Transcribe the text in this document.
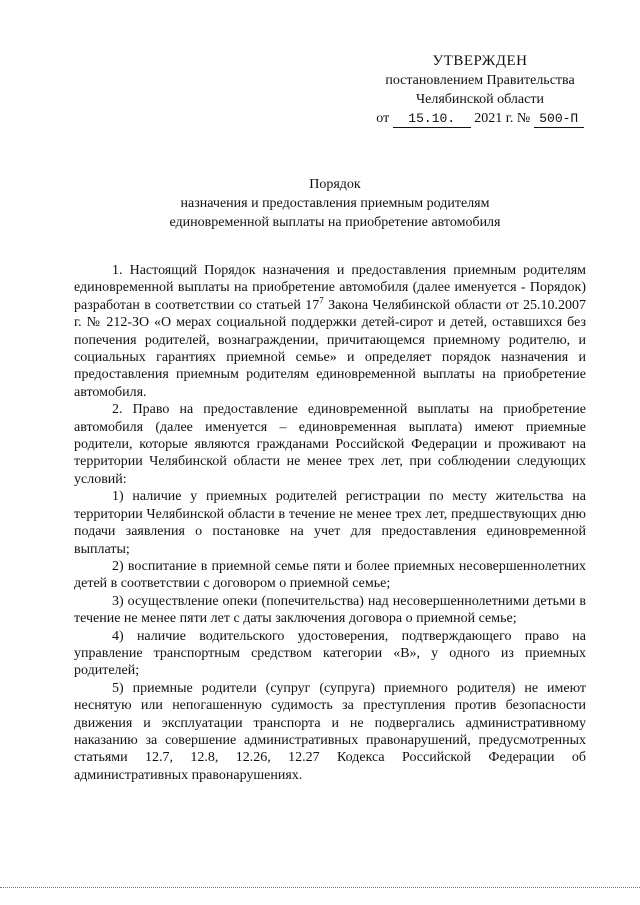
УТВЕРЖДЕН
постановлением Правительства
Челябинской области
от 15.10. 2021 г. № 500-П

Порядок

назначения и предоставления приемным родителям

единовременной выплаты на приобретение автомобиля

1. Настоящий Порядок назначения и предоставления приемным родителям единовременной выплаты на приобретение автомобиля (далее именуется - Порядок) разработан в соответствии со статьей $17^7$ Закона Челябинской области от 25.10.2007 г. № 212-ЗО «О мерах социальной поддержки детей-сирот и детей, оставшихся без попечения родителей, вознаграждении, причитающемся приемному родителю, и социальных гарантиях приемной семье» и определяет порядок назначения и предоставления приемным родителям единовременной выплаты на приобретение автомобиля.

2. Право на предоставление единовременной выплаты на приобретение автомобиля (далее именуется – единовременная выплата) имеют приемные родители, которые являются гражданами Российской Федерации и проживают на территории Челябинской области не менее трех лет, при соблюдении следующих условий:

1) наличие у приемных родителей регистрации по месту жительства на территории Челябинской области в течение не менее трех лет, предшествующих дню подачи заявления о постановке на учет для предоставления единовременной выплаты;

2) воспитание в приемной семье пяти и более приемных несовершеннолетних детей в соответствии с договором о приемной семье;

3) осуществление опеки (попечительства) над несовершеннолетними детьми в течение не менее пяти лет с даты заключения договора о приемной семье;

4) наличие водительского удостоверения, подтверждающего право на управление транспортным средством категории «В», у одного из приемных родителей;

5) приемные родители (супруг (супруга) приемного родителя) не имеют неснятую или непогашенную судимость за преступления против безопасности движения и эксплуатации транспорта и не подвергались административному наказанию за совершение административных правонарушений, предусмотренных статьями 12.7, 12.8, 12.26, 12.27 Кодекса Российской Федерации об административных правонарушениях.
